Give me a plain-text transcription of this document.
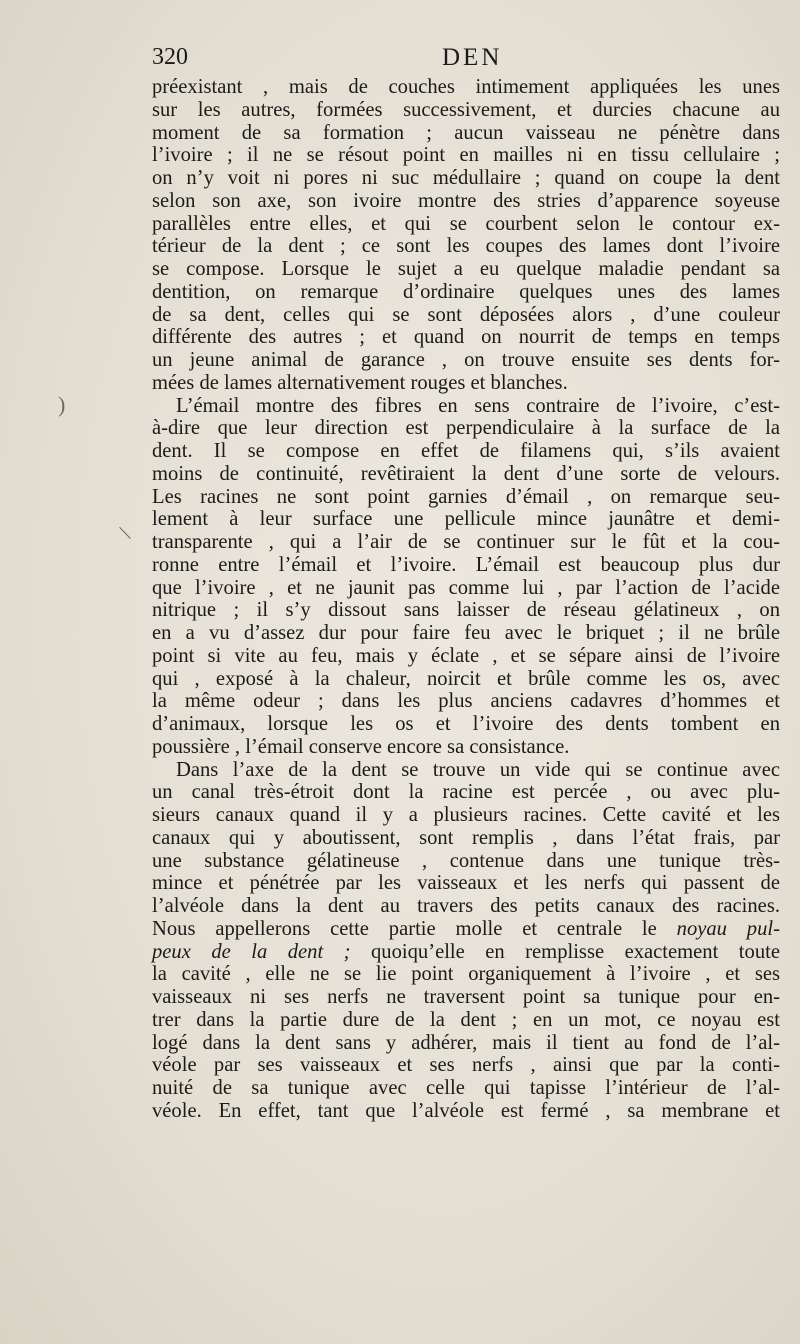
320	DEN
préexistant , mais de couches intimement appliquées les unes
sur les autres, formées successivement, et durcies chacune au
moment de sa formation ; aucun vaisseau ne pénètre dans
l’ivoire ; il ne se résout point en mailles ni en tissu cellulaire ;
on n’y voit ni pores ni suc médullaire ; quand on coupe la dent
selon son axe, son ivoire montre des stries d’apparence soyeuse
parallèles entre elles, et qui se courbent selon le contour ex-
térieur de la dent ; ce sont les coupes des lames dont l’ivoire
se compose. Lorsque le sujet a eu quelque maladie pendant sa
dentition, on remarque d’ordinaire quelques unes des lames
de sa dent, celles qui se sont déposées alors , d’une couleur
différente des autres ; et quand on nourrit de temps en temps
un jeune animal de garance , on trouve ensuite ses dents for-
mées de lames alternativement rouges et blanches.
L’émail montre des fibres en sens contraire de l’ivoire, c’est-
à-dire que leur direction est perpendiculaire à la surface de la
dent. Il se compose en effet de filamens qui, s’ils avaient
moins de continuité, revêtiraient la dent d’une sorte de velours.
Les racines ne sont point garnies d’émail , on remarque seu-
lement à leur surface une pellicule mince jaunâtre et demi-
transparente , qui a l’air de se continuer sur le fût et la cou-
ronne entre l’émail et l’ivoire. L’émail est beaucoup plus dur
que l’ivoire , et ne jaunit pas comme lui , par l’action de l’acide
nitrique ; il s’y dissout sans laisser de réseau gélatineux , on
en a vu d’assez dur pour faire feu avec le briquet ; il ne brûle
point si vite au feu, mais y éclate , et se sépare ainsi de l’ivoire
qui , exposé à la chaleur, noircit et brûle comme les os, avec
la même odeur ; dans les plus anciens cadavres d’hommes et
d’animaux, lorsque les os et l’ivoire des dents tombent en
poussière , l’émail conserve encore sa consistance.
Dans l’axe de la dent se trouve un vide qui se continue avec
un canal très-étroit dont la racine est percée , ou avec plu-
sieurs canaux quand il y a plusieurs racines. Cette cavité et les
canaux qui y aboutissent, sont remplis , dans l’état frais, par
une substance gélatineuse , contenue dans une tunique très-
mince et pénétrée par les vaisseaux et les nerfs qui passent de
l’alvéole dans la dent au travers des petits canaux des racines.
Nous appellerons cette partie molle et centrale le noyau pul-
peux de la dent ; quoiqu’elle en remplisse exactement toute
la cavité , elle ne se lie point organiquement à l’ivoire , et ses
vaisseaux ni ses nerfs ne traversent point sa tunique pour en-
trer dans la partie dure de la dent ; en un mot, ce noyau est
logé dans la dent sans y adhérer, mais il tient au fond de l’al-
véole par ses vaisseaux et ses nerfs , ainsi que par la conti-
nuité de sa tunique avec celle qui tapisse l’intérieur de l’al-
véole. En effet, tant que l’alvéole est fermé , sa membrane et
)
\
